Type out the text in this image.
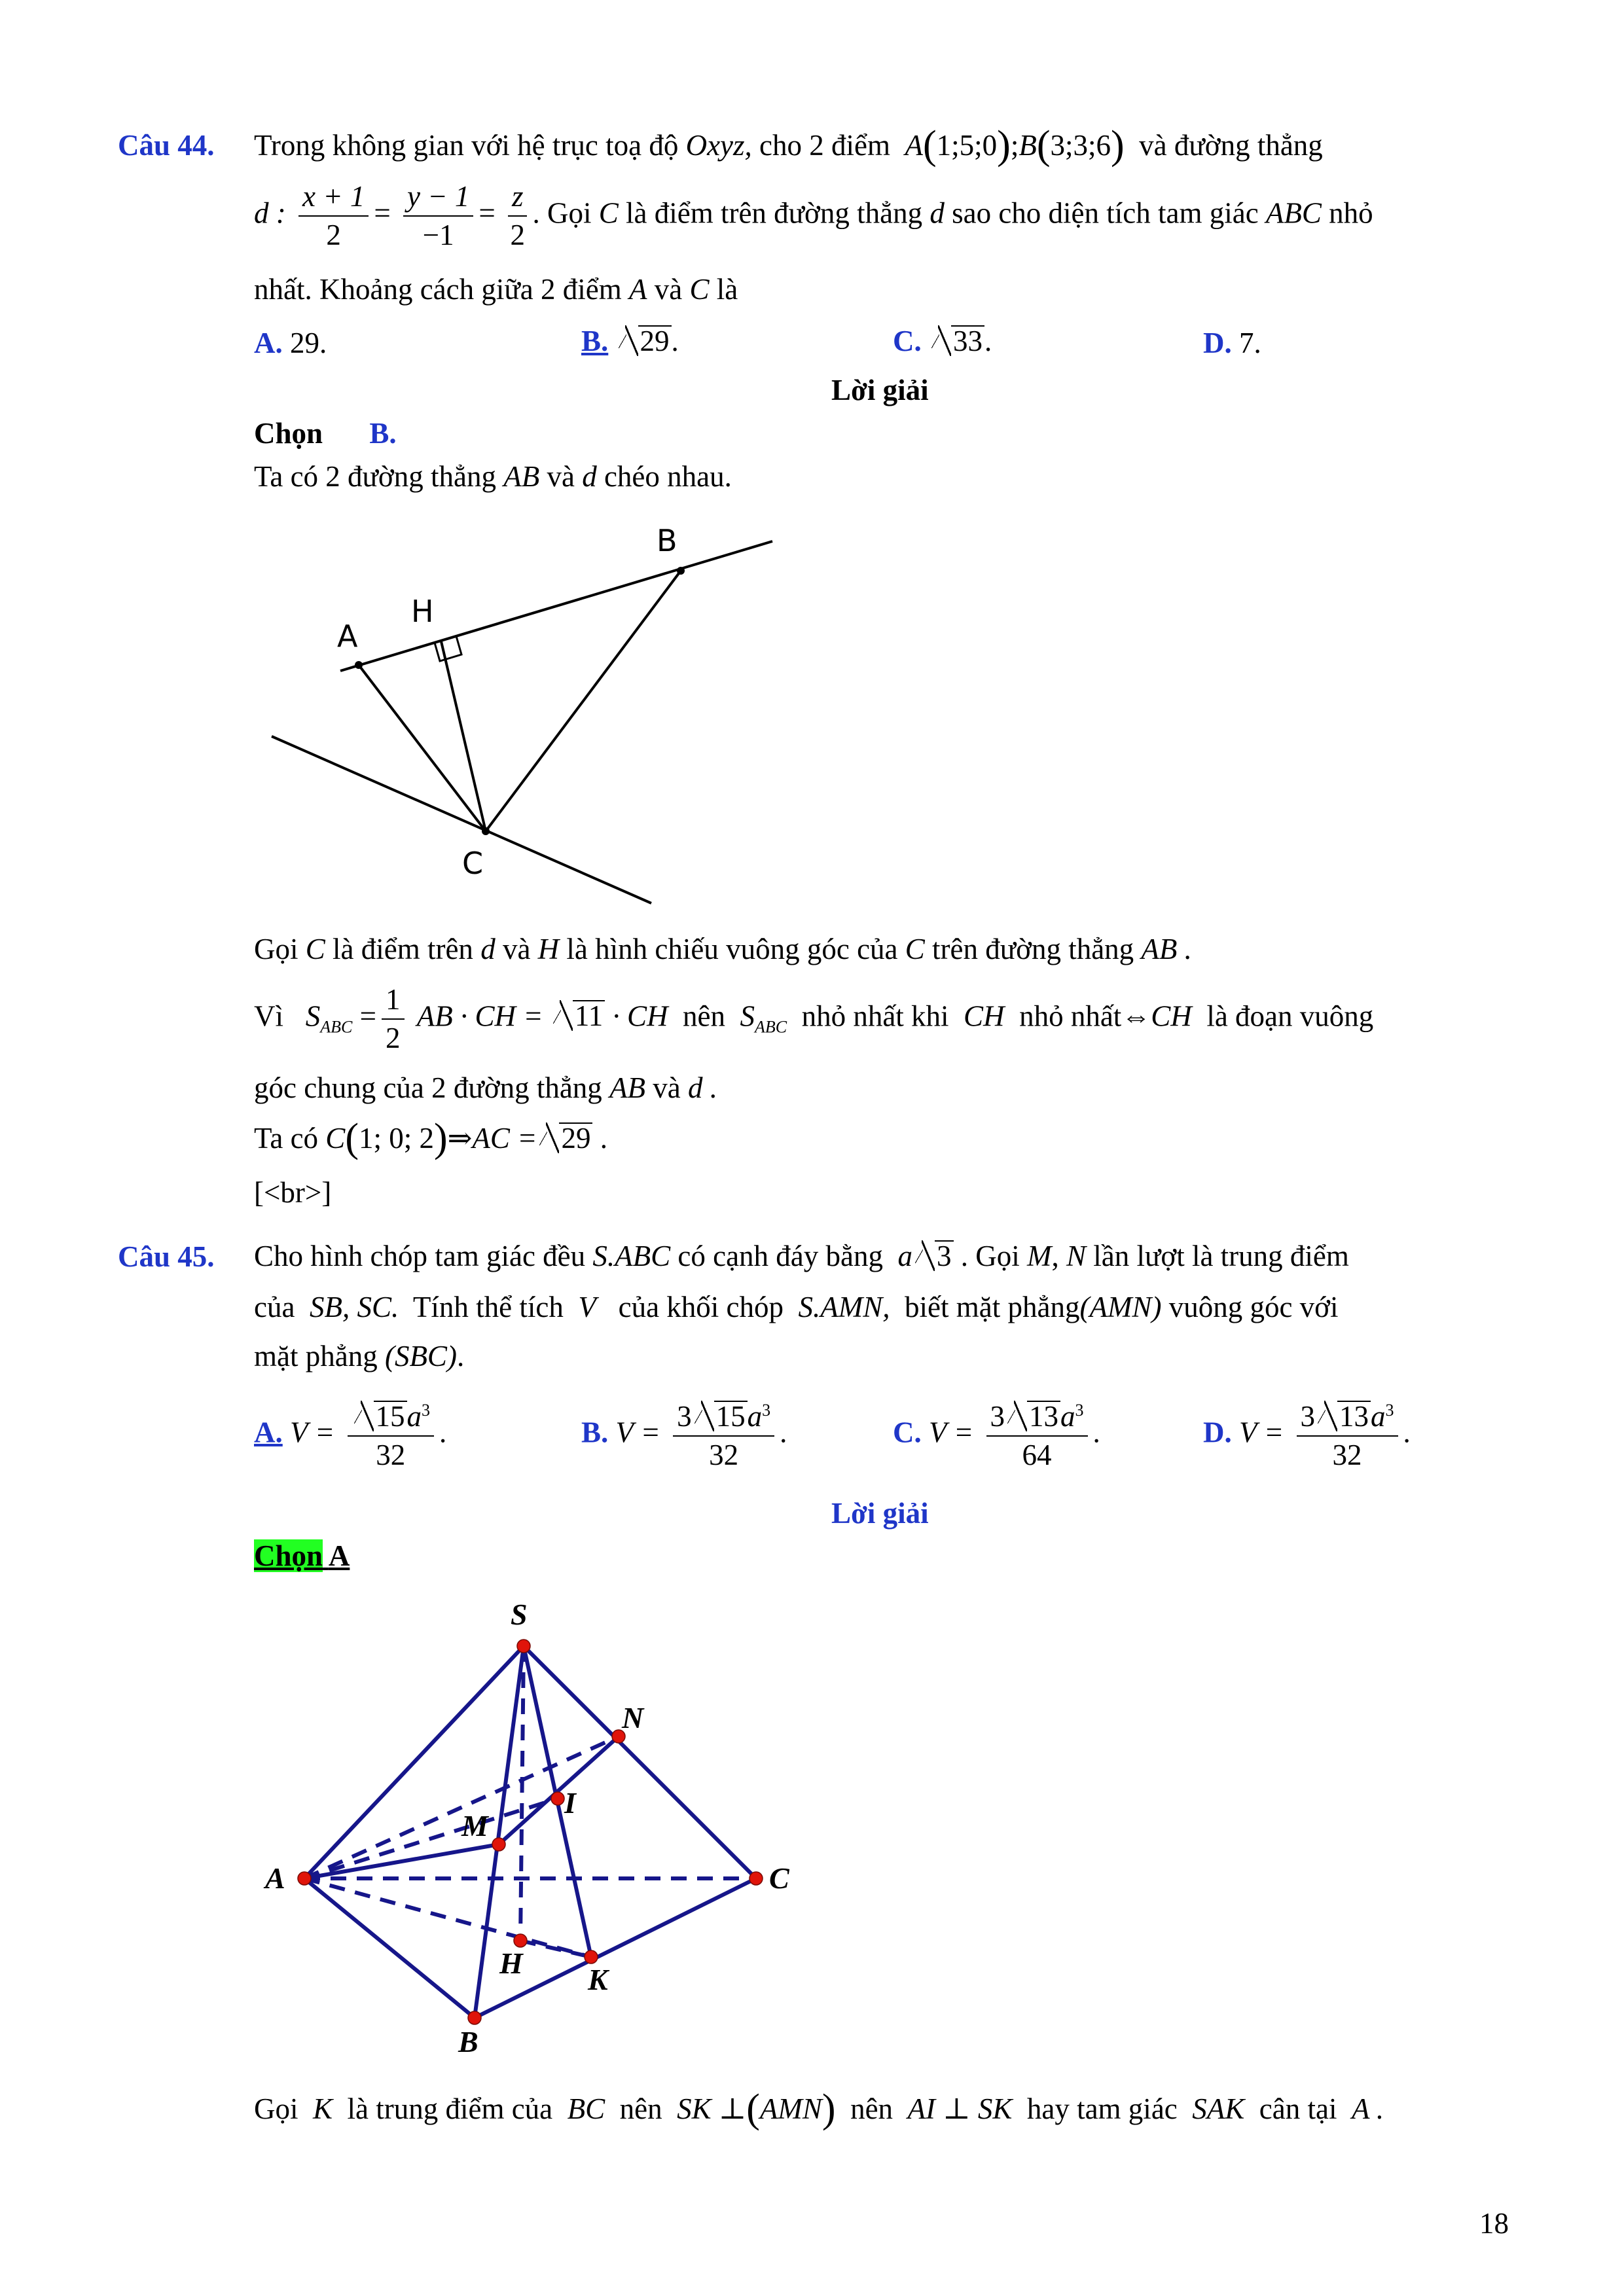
Câu 44. Trong không gian với hệ trục toạ độ Oxyz, cho 2 điểm A(1;5;0);B(3;3;6) và đường thẳng
d : $\frac{x + 1}{2} = \frac{y - 1}{-1} = \frac{z}{2}$ . Gọi C là điểm trên đường thẳng d sao cho diện tích tam giác ABC nhỏ
nhất. Khoảng cách giữa 2 điểm A và C là
A. 29.	B. 29.	C. 33.	D. 7.
Lời giải
Chọn B.
Ta có 2 đường thẳng AB và d chéo nhau.
A
B
H
C
Gọi C là điểm trên d và H là hình chiếu vuông góc của C trên đường thẳng AB .
Vì $S_{ABC} = \frac{1}{2}$ AB · CH = 11 · CH nên $S_{ABC}$ nhỏ nhất khi CH nhỏ nhất⇔CH là đoạn vuông
góc chung của 2 đường thẳng AB và d .
Ta có C(1; 0; 2)⇒AC = 29 .
[<br>]
Câu 45. Cho hình chóp tam giác đều S.ABC có cạnh đáy bằng a 3 . Gọi M, N lần lượt là trung điểm
của SB, SC. Tính thể tích V của khối chóp S.AMN, biết mặt phẳng(AMN) vuông góc với
mặt phẳng (SBC).
A. $V = \frac{15a^3}{32}$ .	B. $V = \frac{3 15a^3}{32}$ .	C. $V = \frac{3 13a^3}{64}$ .	D. $V = \frac{3 13a^3}{32}$ .
Lời giải
Chọn A
S
N
I
M
A	C
H K
B
Gọi K là trung điểm của BC nên SK ⊥(AMN) nên AI ⊥ SK hay tam giác SAK cân tại A .
18
